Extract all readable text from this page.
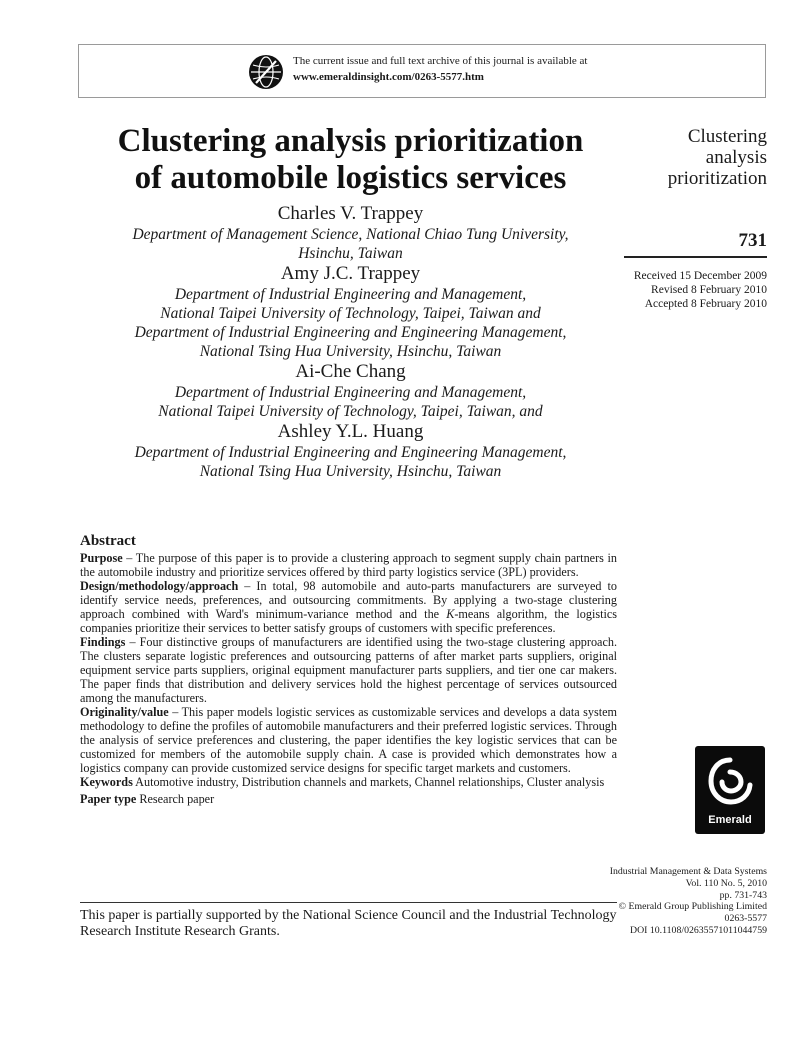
The current issue and full text archive of this journal is available at
www.emeraldinsight.com/0263-5577.htm
Clustering analysis prioritization
of automobile logistics services
Charles V. Trappey
Department of Management Science, National Chiao Tung University,
Hsinchu, Taiwan
Amy J.C. Trappey
Department of Industrial Engineering and Management,
National Taipei University of Technology, Taipei, Taiwan and
Department of Industrial Engineering and Engineering Management,
National Tsing Hua University, Hsinchu, Taiwan
Ai-Che Chang
Department of Industrial Engineering and Management,
National Taipei University of Technology, Taipei, Taiwan, and
Ashley Y.L. Huang
Department of Industrial Engineering and Engineering Management,
National Tsing Hua University, Hsinchu, Taiwan
Clustering
analysis
prioritization
731
Received 15 December 2009
Revised 8 February 2010
Accepted 8 February 2010
Abstract

Purpose – The purpose of this paper is to provide a clustering approach to segment supply chain partners in the automobile industry and prioritize services offered by third party logistics service (3PL) providers.

Design/methodology/approach – In total, 98 automobile and auto-parts manufacturers are surveyed to identify service needs, preferences, and outsourcing commitments. By applying a two-stage clustering approach combined with Ward's minimum-variance method and the K-means algorithm, the logistics companies prioritize their services to better satisfy groups of customers with specific preferences.

Findings – Four distinctive groups of manufacturers are identified using the two-stage clustering approach. The clusters separate logistic preferences and outsourcing patterns of after market parts suppliers, original equipment service parts suppliers, original equipment manufacturer parts suppliers, and tier one car makers. The paper finds that distribution and delivery services hold the highest percentage of services outsourced among the manufacturers.

Originality/value – This paper models logistic services as customizable services and develops a data system methodology to define the profiles of automobile manufacturers and their preferred logistic services. Through the analysis of service preferences and clustering, the paper identifies the key logistic services that can be customized for members of the automobile supply chain. A case is provided which demonstrates how a logistics company can provide customized service designs for specific target markets and customers.

Keywords Automotive industry, Distribution channels and markets, Channel relationships, Cluster analysis

Paper type Research paper

Emerald
Industrial Management & Data Systems
Vol. 110 No. 5, 2010
pp. 731-743
© Emerald Group Publishing Limited
0263-5577
DOI 10.1108/02635571011044759
This paper is partially supported by the National Science Council and the Industrial Technology Research Institute Research Grants.
